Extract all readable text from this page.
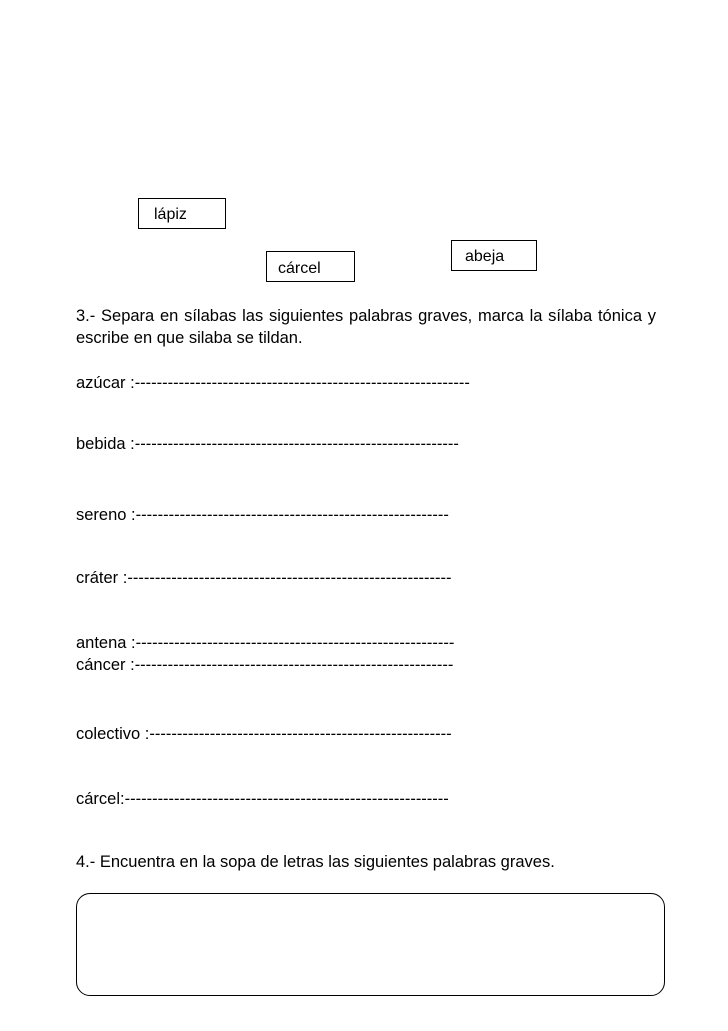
lápiz
abeja
cárcel

3.- Separa en sílabas las siguientes palabras graves, marca la sílaba tónica y escribe en que silaba se tildan.

azúcar :-------------------------------------------------------------

bebida :-----------------------------------------------------------

sereno :---------------------------------------------------------

cráter :-----------------------------------------------------------

antena :----------------------------------------------------------

cáncer :----------------------------------------------------------

colectivo :-------------------------------------------------------

cárcel:-----------------------------------------------------------

4.- Encuentra en la sopa de letras las siguientes palabras graves.
